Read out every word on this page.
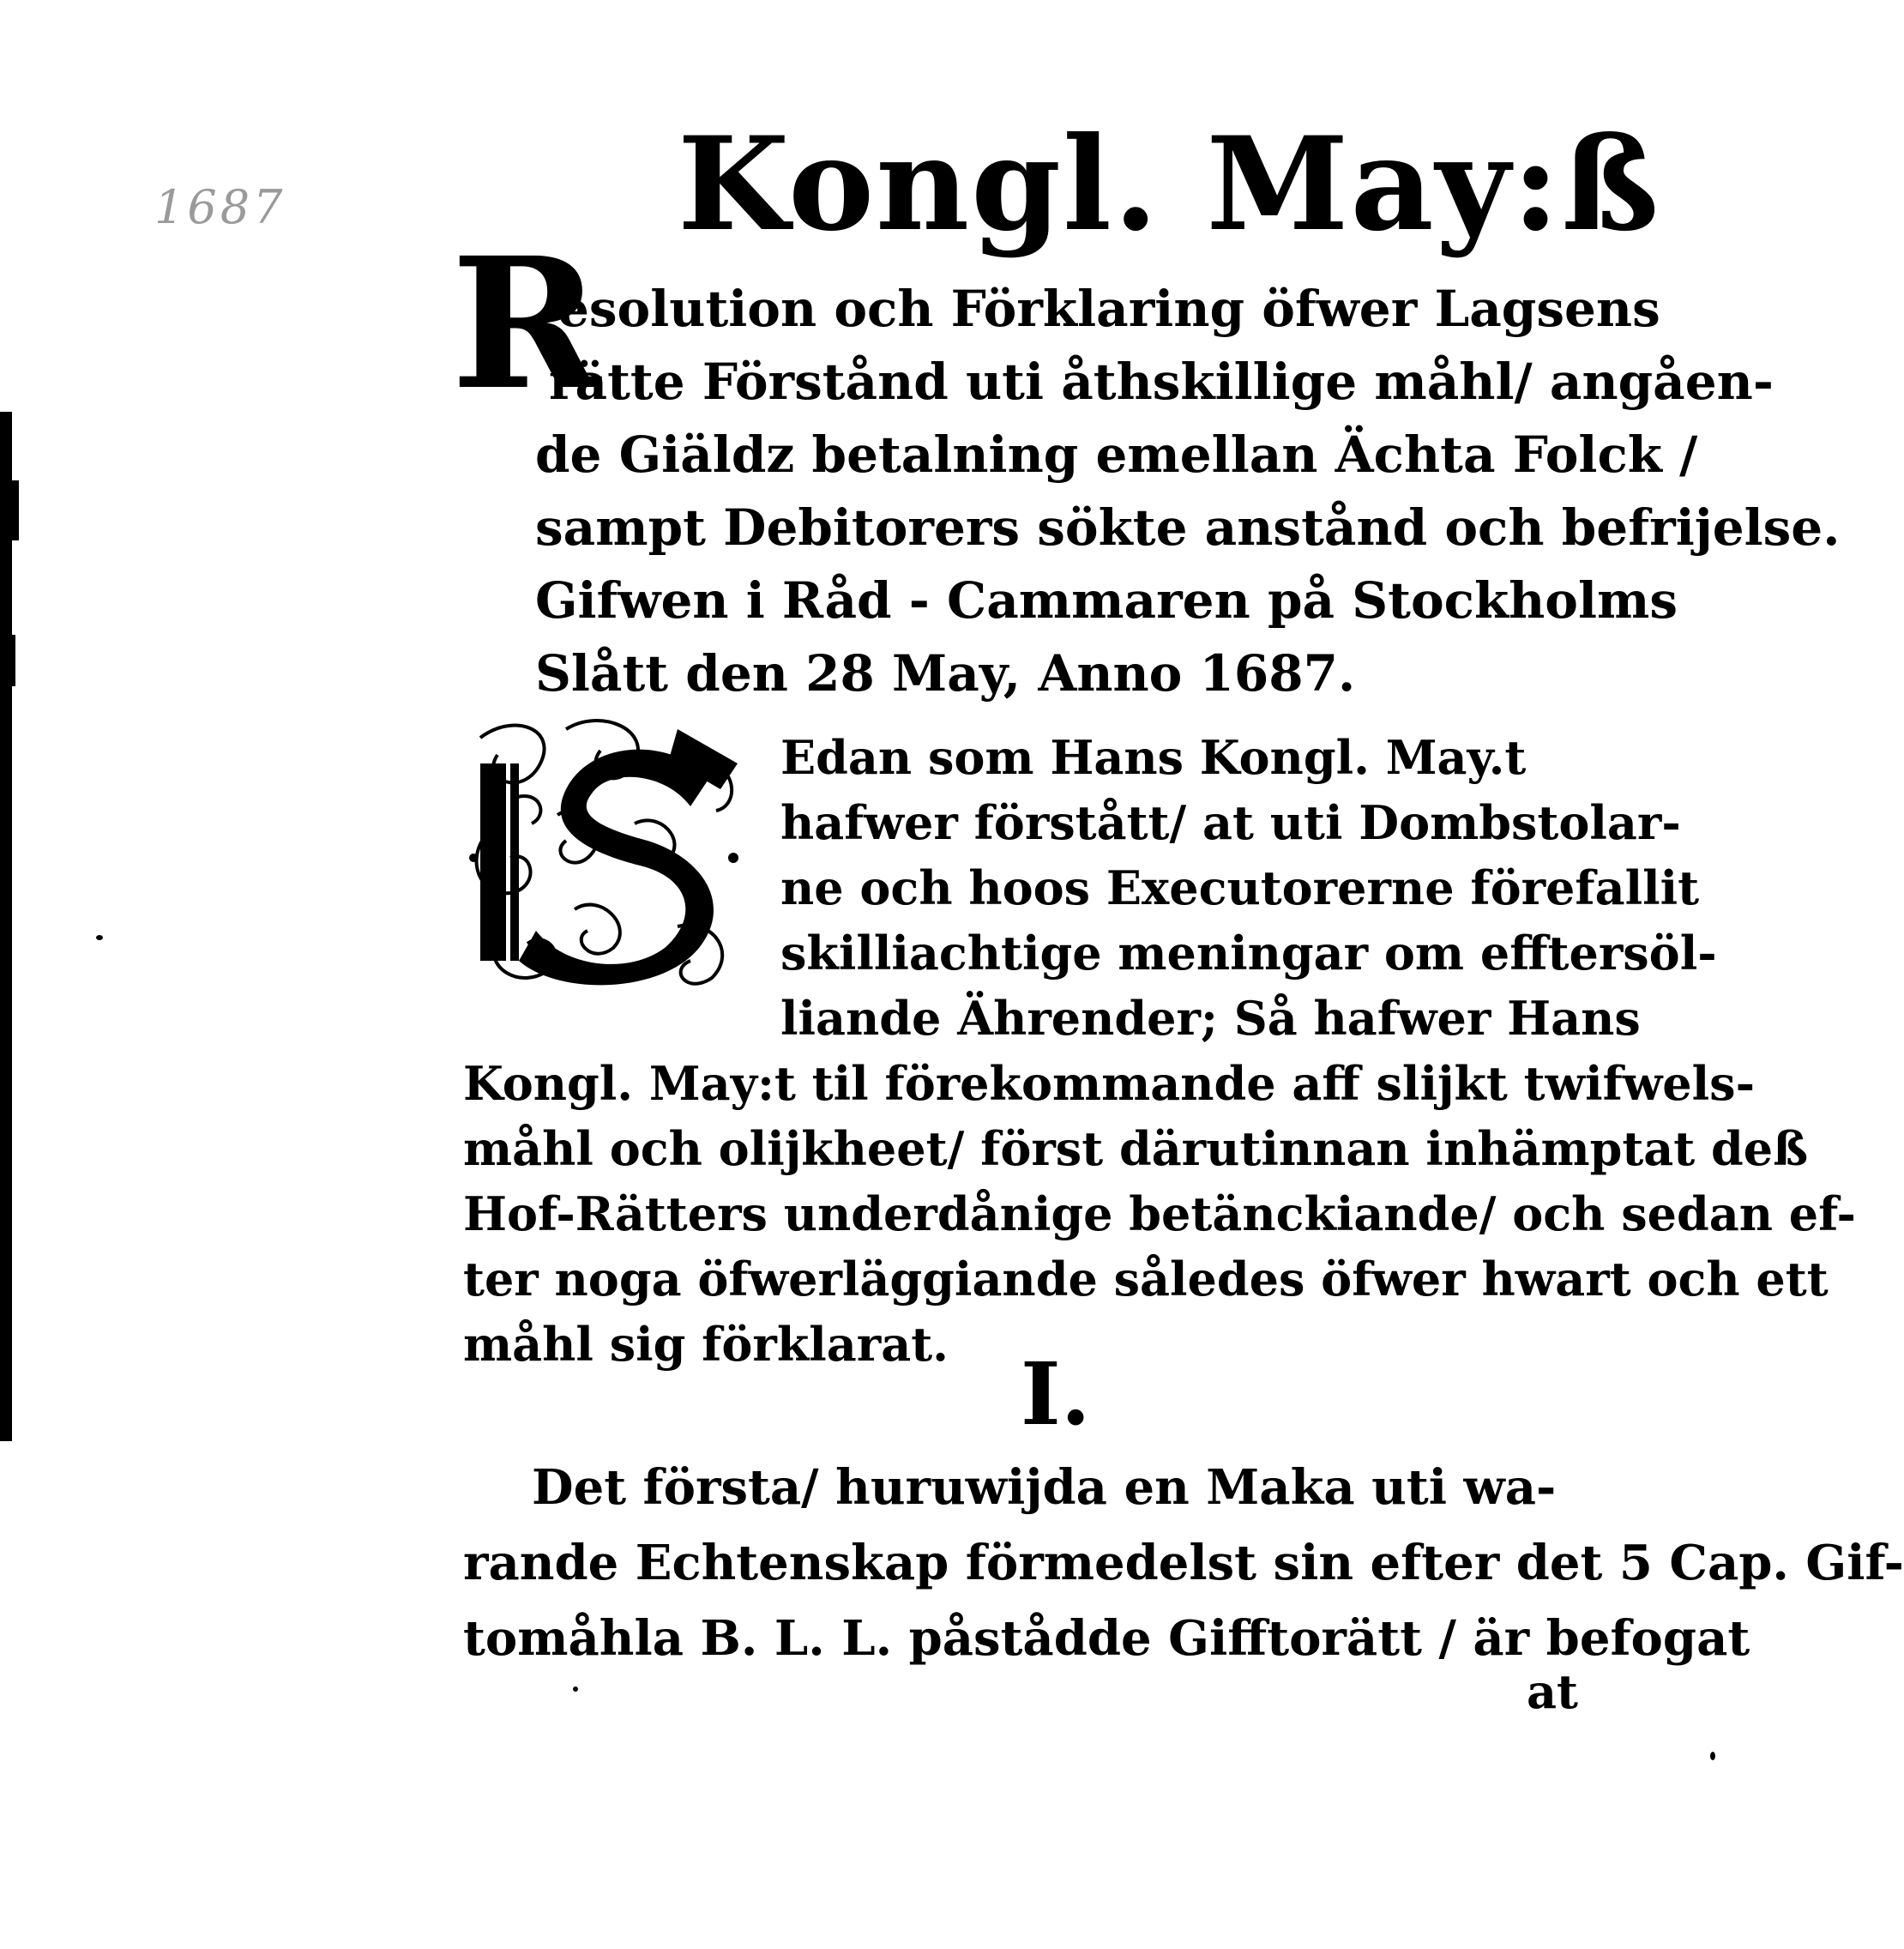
1687	Kongl. May:ß
R
esolution och Förklaring öfwer Lagsens
rätte Förstånd uti åthskillige måhl/ angåen-
de Giäldz betalning emellan Ächta Folck /
sampt Debitorers sökte anstånd och befrijelse.
Gifwen i Råd - Cammaren på Stockholms
Slått den 28 May, Anno 1687.
Edan som Hans Kongl. May.t
hafwer förstått/ at uti Dombstolar-
ne och hoos Executorerne förefallit
skilliachtige meningar om efftersöl-
liande Ährender; Så hafwer Hans
Kongl. May:t til förekommande aff slijkt twifwels-
måhl och olijkheet/ först därutinnan inhämptat deß
Hof-Rätters underdånige betänckiande/ och sedan ef-
ter noga öfwerläggiande således öfwer hwart och ett
måhl sig förklarat. I.
Det första/ huruwijda en Maka uti wa-
rande Echtenskap förmedelst sin efter det 5 Cap. Gif-
tomåhla B. L. L. påstådde Gifftorätt / är befogat
at
